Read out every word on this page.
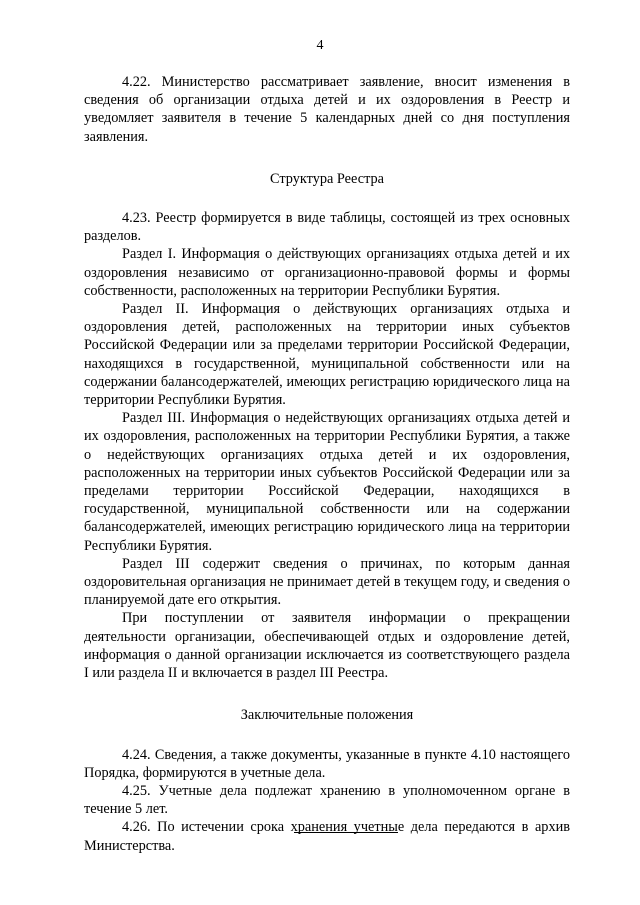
4

4.22. Министерство рассматривает заявление, вносит изменения в сведения об организации отдыха детей и их оздоровления в Реестр и уведомляет заявителя в течение 5 календарных дней со дня поступления заявления.

Структура Реестра

4.23. Реестр формируется в виде таблицы, состоящей из трех основных разделов.

Раздел I. Информация о действующих организациях отдыха детей и их оздоровления независимо от организационно-правовой формы и формы собственности, расположенных на территории Республики Бурятия.

Раздел II. Информация о действующих организациях отдыха и оздоровления детей, расположенных на территории иных субъектов Российской Федерации или за пределами территории Российской Федерации, находящихся в государственной, муниципальной собственности или на содержании балансодержателей, имеющих регистрацию юридического лица на территории Республики Бурятия.

Раздел III. Информация о недействующих организациях отдыха детей и их оздоровления, расположенных на территории Республики Бурятия, а также о недействующих организациях отдыха детей и их оздоровления, расположенных на территории иных субъектов Российской Федерации или за пределами территории Российской Федерации, находящихся в государственной, муниципальной собственности или на содержании балансодержателей, имеющих регистрацию юридического лица на территории Республики Бурятия.

Раздел III содержит сведения о причинах, по которым данная оздоровительная организация не принимает детей в текущем году, и сведения о планируемой дате его открытия.

При поступлении от заявителя информации о прекращении деятельности организации, обеспечивающей отдых и оздоровление детей, информация о данной организации исключается из соответствующего раздела I или раздела II и включается в раздел III Реестра.

Заключительные положения

4.24. Сведения, а также документы, указанные в пункте 4.10 настоящего Порядка, формируются в учетные дела.

4.25. Учетные дела подлежат хранению в уполномоченном органе в течение 5 лет.

4.26. По истечении срока хранения учетные дела передаются в архив Министерства.
